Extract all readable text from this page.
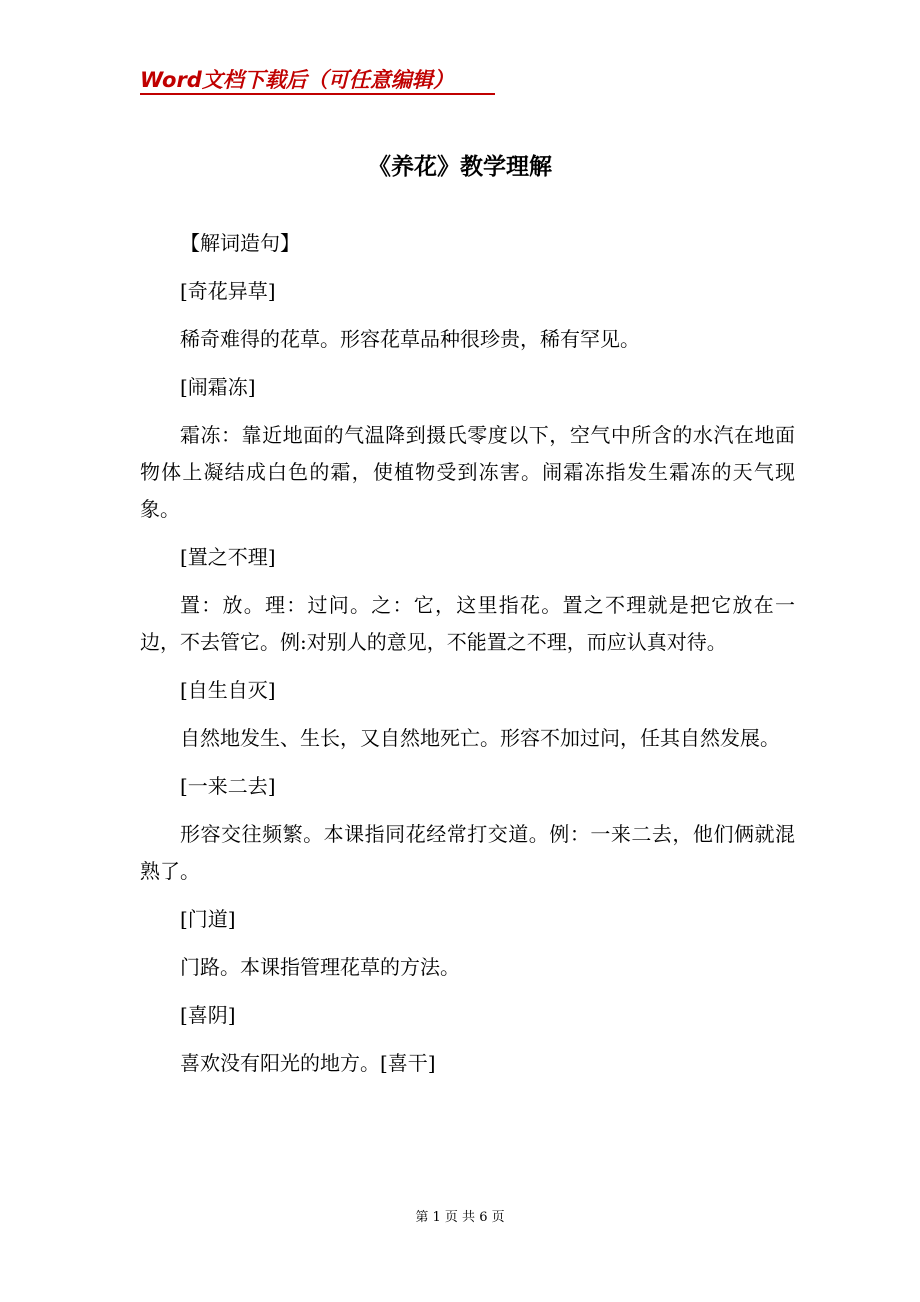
Word文档下载后（可任意编辑）
《养花》教学理解

【解词造句】

[奇花异草]

稀奇难得的花草。形容花草品种很珍贵，稀有罕见。

[闹霜冻]

霜冻：靠近地面的气温降到摄氏零度以下，空气中所含的水汽在地面物体上凝结成白色的霜，使植物受到冻害。闹霜冻指发生霜冻的天气现象。

[置之不理]

置：放。理：过问。之：它，这里指花。置之不理就是把它放在一边，不去管它。例:对别人的意见，不能置之不理，而应认真对待。

[自生自灭]

自然地发生、生长，又自然地死亡。形容不加过问，任其自然发展。

[一来二去]

形容交往频繁。本课指同花经常打交道。例：一来二去，他们俩就混熟了。

[门道]

门路。本课指管理花草的方法。

[喜阴]

喜欢没有阳光的地方。[喜干]

第 1 页 共 6 页
